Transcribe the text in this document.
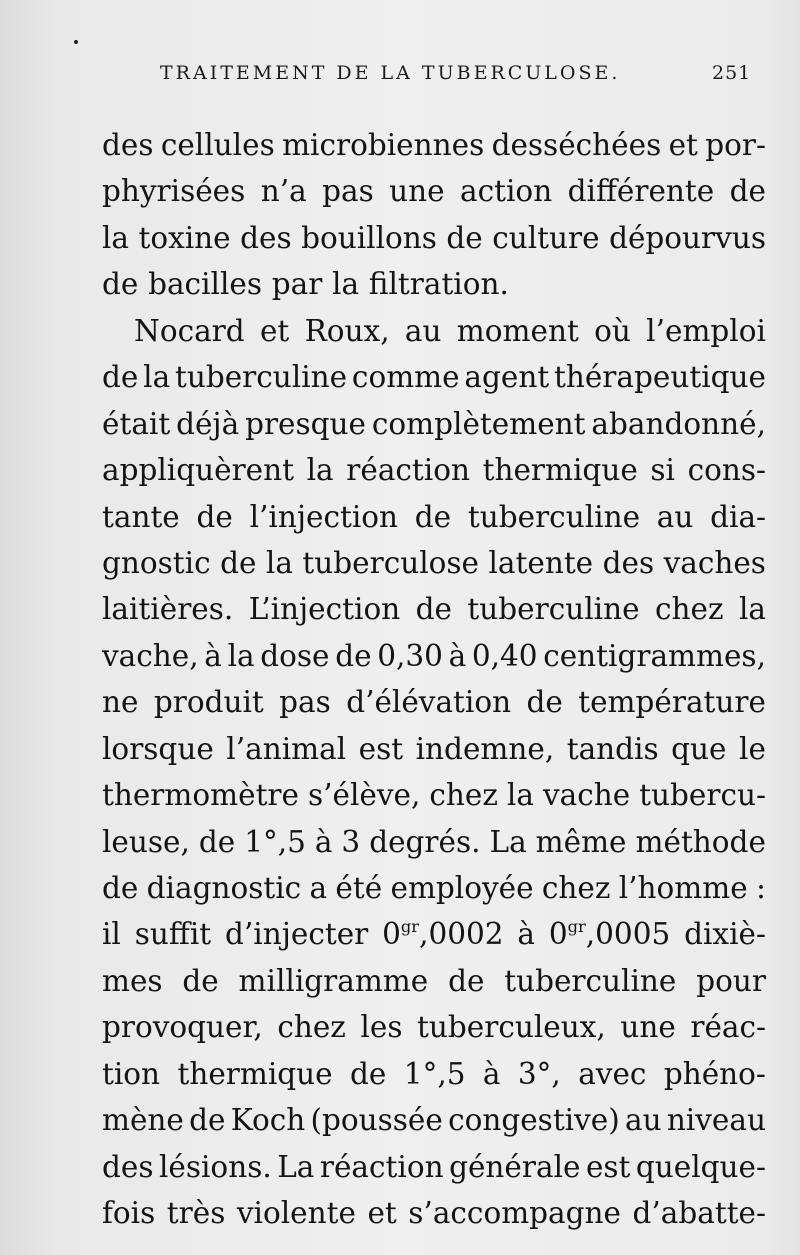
TRAITEMENT DE LA TUBERCULOSE.	251
des cellules microbiennes desséchées et por-
phyrisées n’a pas une action différente de
la toxine des bouillons de culture dépourvus
de bacilles par la filtration.
Nocard et Roux, au moment où l’emploi
de la tuberculine comme agent thérapeutique
était déjà presque complètement abandonné,
appliquèrent la réaction thermique si cons-
tante de l’injection de tuberculine au dia-
gnostic de la tuberculose latente des vaches
laitières. L’injection de tuberculine chez la
vache, à la dose de 0,30 à 0,40 centigrammes,
ne produit pas d’élévation de température
lorsque l’animal est indemne, tandis que le
thermomètre s’élève, chez la vache tubercu-
leuse, de 1°,5 à 3 degrés. La même méthode
de diagnostic a été employée chez l’homme :
il suffit d’injecter $0^{gr},0002$ à $0^{gr},0005$ dixiè-
mes de milligramme de tuberculine pour
provoquer, chez les tuberculeux, une réac-
tion thermique de 1°,5 à 3°, avec phéno-
mène de Koch (poussée congestive) au niveau
des lésions. La réaction générale est quelque-
fois très violente et s’accompagne d’abatte-
